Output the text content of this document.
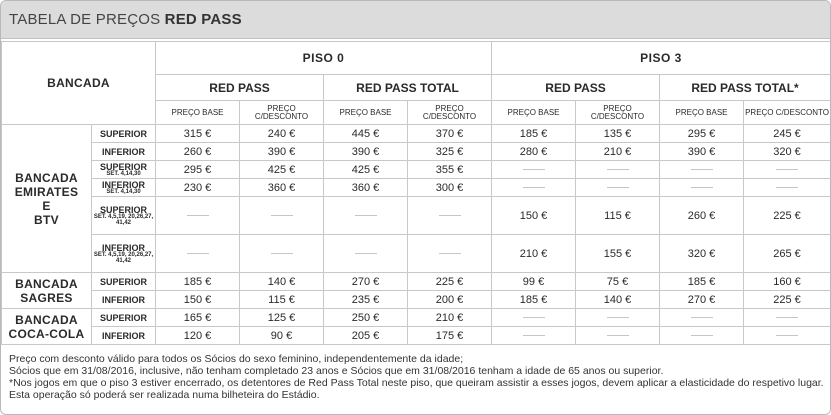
TABELA DE PREÇOS RED PASS
BANCADA		PISO 0				PISO 3			
		RED PASS		RED PASS TOTAL		RED PASS		RED PASS TOTAL*	
		PREÇO BASE	PREÇO C/DESCONTO	PREÇO BASE	PREÇO C/DESCONTO	PREÇO BASE	PREÇO C/DESCONTO	PREÇO BASE	PREÇO C/DESCONTO

BANCADA
EMIRATES
E
BTV	SUPERIOR	315 €	240 €	445 €	370 €	185 €	135 €	295 €	245 €

	INFERIOR	260 €	390 €	390 €	325 €	280 €	210 €	390 €	320 €

	SUPERIOR
SET. 4,14,30	295 €	425 €	425 €	355 €				

	INFERIOR
SET. 4,14,30	230 €	360 €	360 €	300 €				

	SUPERIOR
SET. 4,5,19, 20,26,27, 41,42					150 €	115 €	260 €	225 €

	INFERIOR
SET. 4,5,19, 20,26,27, 41,42					210 €	155 €	320 €	265 €

BANCADA
SAGRES	SUPERIOR	185 €	140 €	270 €	225 €	99 €	75 €	185 €	160 €

	INFERIOR	150 €	115 €	235 €	200 €	185 €	140 €	270 €	225 €

BANCADA
COCA-COLA	SUPERIOR	165 €	125 €	250 €	210 €				

	INFERIOR	120 €	90 €	205 €	175 €				
Preço com desconto válido para todos os Sócios do sexo feminino, independentemente da idade;
Sócios que em 31/08/2016, inclusive, não tenham completado 23 anos e Sócios que em 31/08/2016 tenham a idade de 65 anos ou superior.
*Nos jogos em que o piso 3 estiver encerrado, os detentores de Red Pass Total neste piso, que queiram assistir a esses jogos, devem aplicar a elasticidade do respetivo lugar. Esta operação só poderá ser realizada numa bilheteira do Estádio.
